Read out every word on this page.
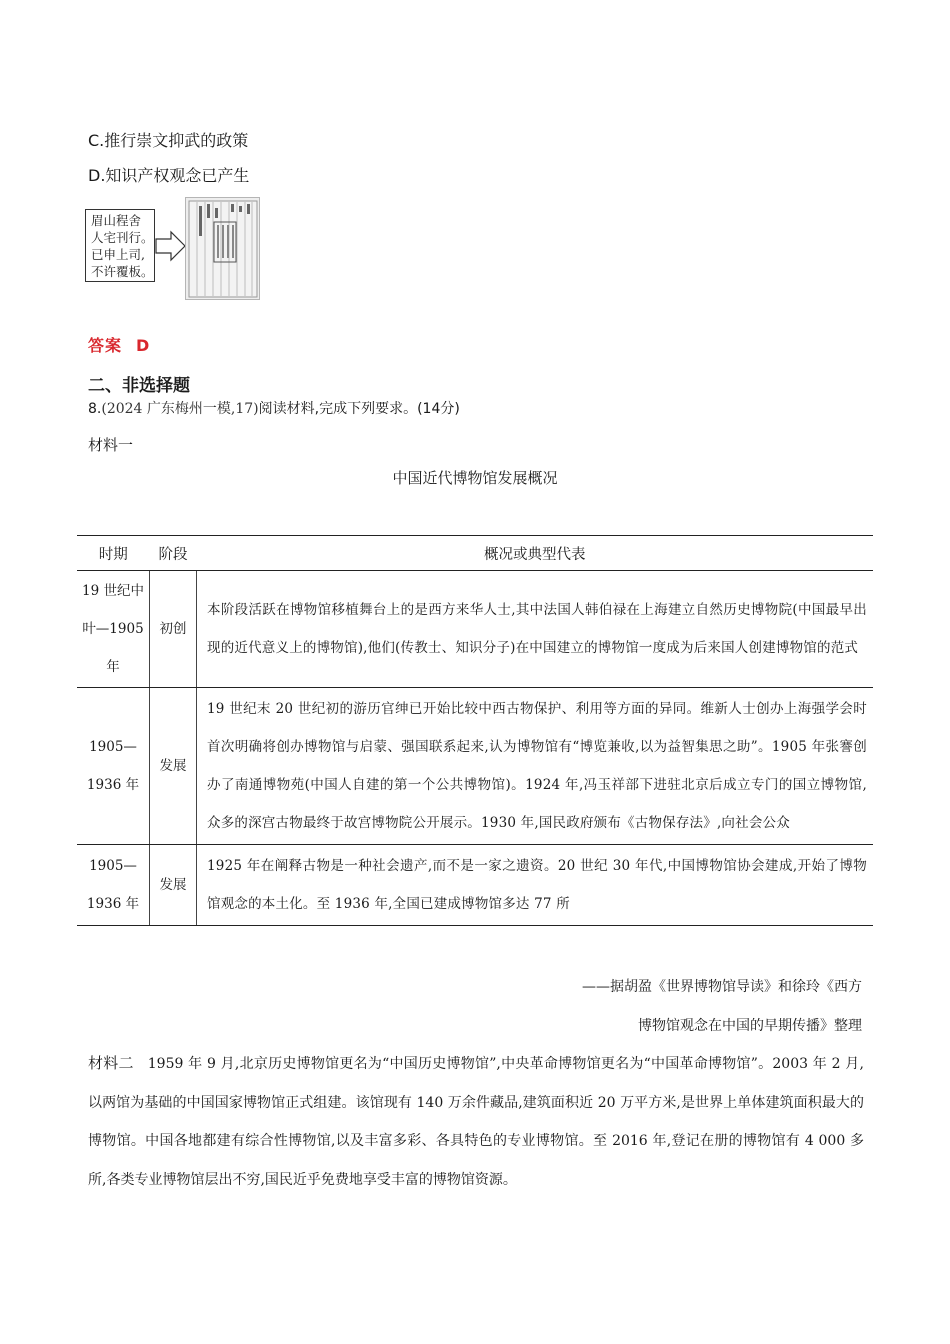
C.推行崇文抑武的政策
D.知识产权观念已产生
眉山程舍
人宅刊行。
已申上司,
不许覆板。
答案 D
二、非选择题
8.(2024 广东梅州一模,17)阅读材料,完成下列要求。(14分)
材料一
中国近代博物馆发展概况
时期	阶段	概况或典型代表
19 世纪中叶—1905 年	初创	本阶段活跃在博物馆移植舞台上的是西方来华人士,其中法国人韩伯禄在上海建立自然历史博物院(中国最早出现的近代意义上的博物馆),他们(传教士、知识分子)在中国建立的博物馆一度成为后来国人创建博物馆的范式
1905—1936 年	发展	19 世纪末 20 世纪初的游历官绅已开始比较中西古物保护、利用等方面的异同。维新人士创办上海强学会时首次明确将创办博物馆与启蒙、强国联系起来,认为博物馆有“博览兼收,以为益智集思之助”。1905 年张謇创办了南通博物苑(中国人自建的第一个公共博物馆)。1924 年,冯玉祥部下进驻北京后成立专门的国立博物馆,众多的深宫古物最终于故宫博物院公开展示。1930 年,国民政府颁布《古物保存法》,向社会公众
1905—1936 年	发展	1925 年在阐释古物是一种社会遗产,而不是一家之遗资。20 世纪 30 年代,中国博物馆协会建成,开始了博物馆观念的本土化。至 1936 年,全国已建成博物馆多达 77 所
——据胡盈《世界博物馆导读》和徐玲《西方
博物馆观念在中国的早期传播》整理
材料二 1959 年 9 月,北京历史博物馆更名为“中国历史博物馆”,中央革命博物馆更名为“中国革命博物馆”。2003 年 2 月,以两馆为基础的中国国家博物馆正式组建。该馆现有 140 万余件藏品,建筑面积近 20 万平方米,是世界上单体建筑面积最大的博物馆。中国各地都建有综合性博物馆,以及丰富多彩、各具特色的专业博物馆。至 2016 年,登记在册的博物馆有 4 000 多所,各类专业博物馆层出不穷,国民近乎免费地享受丰富的博物馆资源。
